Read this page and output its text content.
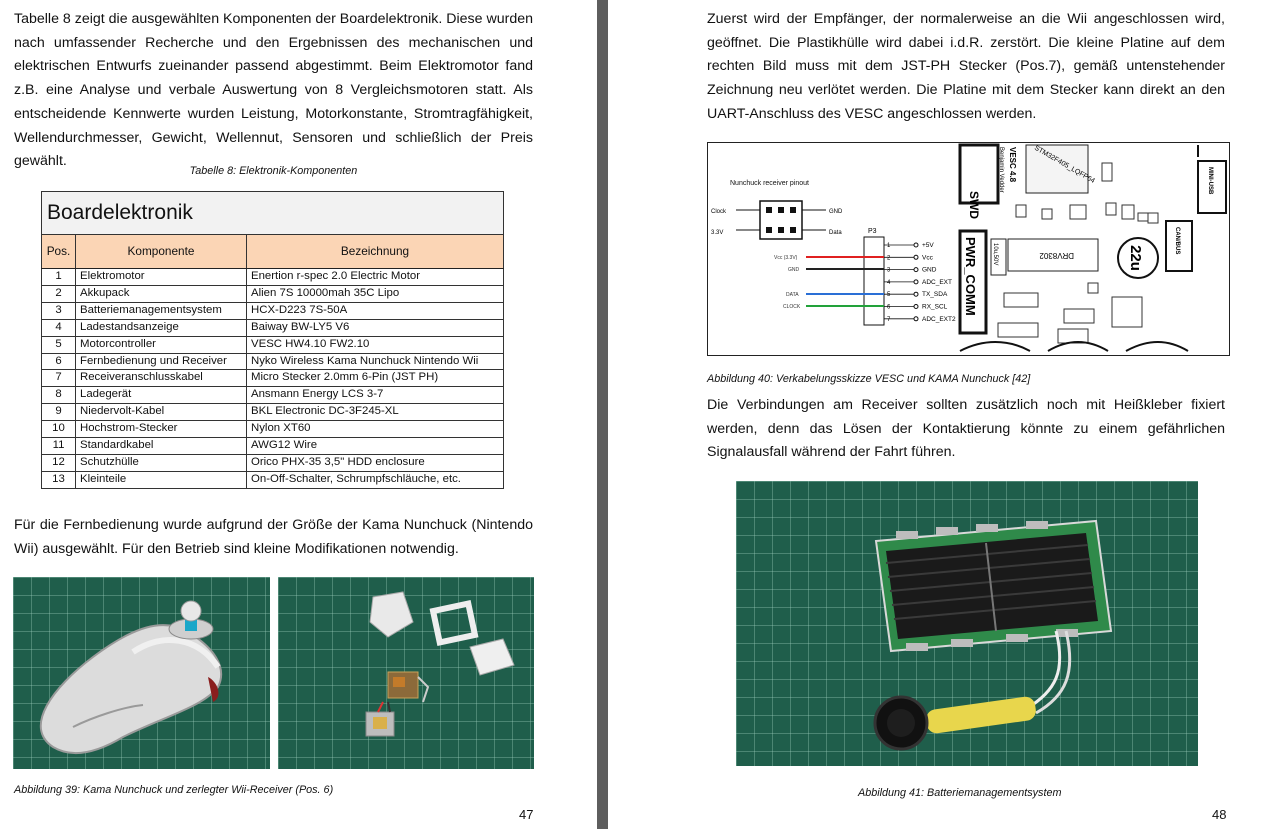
Tabelle 8 zeigt die ausgewählten Komponenten der Boardelektronik. Diese wurden nach umfassender Recherche und den Ergebnissen des mechanischen und elektrischen Entwurfs zueinander passend abgestimmt. Beim Elektromotor fand z.B. eine Analyse und verbale Auswertung von 8 Vergleichsmotoren statt. Als entscheidende Kennwerte wurden Leistung, Motorkonstante, Stromtragfähigkeit, Wellendurchmesser, Gewicht, Wellennut, Sensoren und schließlich der Preis gewählt.

Tabelle 8: Elektronik-Komponenten

Boardelektronik		
Pos.	Komponente	Bezeichnung
1	Elektromotor	Enertion r-spec 2.0 Electric Motor
2	Akkupack	Alien 7S 10000mah 35C Lipo
3	Batteriemanagementsystem	HCX-D223 7S-50A
4	Ladestandsanzeige	Baiway BW-LY5 V6
5	Motorcontroller	VESC HW4.10 FW2.10
6	Fernbedienung und Receiver	Nyko Wireless Kama Nunchuck Nintendo Wii
7	Receiveranschlusskabel	Micro Stecker 2.0mm 6-Pin (JST PH)
8	Ladegerät	Ansmann Energy LCS 3-7
9	Niedervolt-Kabel	BKL Electronic DC-3F245-XL
10	Hochstrom-Stecker	Nylon XT60
11	Standardkabel	AWG12 Wire
12	Schutzhülle	Orico PHX-35 3,5" HDD enclosure
13	Kleinteile	On-Off-Schalter, Schrumpfschläuche, etc.

Für die Fernbedienung wurde aufgrund der Größe der Kama Nunchuck (Nintendo Wii) ausgewählt. Für den Betrieb sind kleine Modifikationen notwendig.

Abbildung 39: Kama Nunchuck und zerlegter Wii-Receiver (Pos. 6)

47

Zuerst wird der Empfänger, der normalerweise an die Wii angeschlossen wird, geöffnet. Die Plastikhülle wird dabei i.d.R. zerstört. Die kleine Platine auf dem rechten Bild muss mit dem JST-PH Stecker (Pos.7), gemäß untenstehender Zeichnung neu verlötet werden. Die Platine mit dem Stecker kann direkt an den UART-Anschluss des VESC angeschlossen werden.

Nunchuck receiver pinout
Clock
3.3V
GND
Data	P3
1	+5V
2	Vcc
3	GND
4	ADC_EXT
5	TX_SDA
6	RX_SCL
7	ADC_EXT2
Vcc (3.3V)
GND
DATA
CLOCK
SWD
PWR_COMM
VESC 4.8
Benjamin Vedder	STM32F405_LQFP64
DRV8302	22u
10u,50V
MINI-USB
CAN/BUS

Abbildung 40: Verkabelungsskizze VESC und KAMA Nunchuck [42]

Die Verbindungen am Receiver sollten zusätzlich noch mit Heißkleber fixiert werden, denn das Lösen der Kontaktierung könnte zu einem gefährlichen Signalausfall während der Fahrt führen.

Abbildung 41: Batteriemanagementsystem

48
